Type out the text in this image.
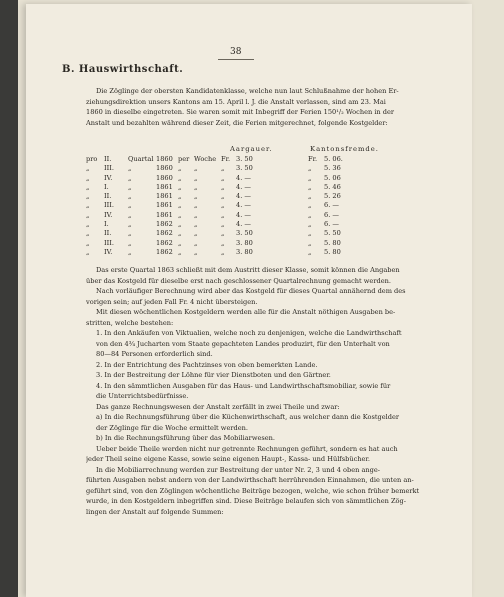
38
B. Hauswirthschaft.
Die Zöglinge der obersten Kandidatenklasse, welche nun laut Schlußnahme der hohen Er-
ziehungsdirektion unsers Kantons am 15. April l. J. die Anstalt verlassen, sind am 23. Mai
1860 in dieselbe eingetreten. Sie waren somit mit Inbegriff der Ferien 150¹/₂ Wochen in der
Anstalt und bezahlten während dieser Zeit, die Ferien mitgerechnet, folgende Kostgelder:
Aargauer.	Kantonsfremde.
pro II.	Quartal 1860 per Woche Fr. 3. 50	Fr. 5. 06.
„ III. „	1860 „ „	„ 3. 50	„ 5. 36
„ IV. „	1860 „ „	„ 4. —	„ 5. 06
„ I.	„	1861 „ „	„ 4. —	„ 5. 46
„ II.	„	1861 „ „	„ 4. —	„ 5. 26
„ III. „	1861 „ „	„ 4. —	„ 6. —
„ IV. „	1861 „ „	„ 4. —	„ 6. —
„ I.	„	1862 „ „	„ 4. —	„ 6. —
„ II.	„	1862 „ „	„ 3. 50	„ 5. 50
„ III. „	1862 „ „	„ 3. 80	„ 5. 80
„ IV. „	1862 „ „	„ 3. 80	„ 5. 80
Das erste Quartal 1863 schließt mit dem Austritt dieser Klasse, somit können die Angaben
über das Kostgeld für dieselbe erst nach geschlossener Quartalrechnung gemacht werden.
Nach vorläufiger Berechnung wird aber das Kostgeld für dieses Quartal annähernd dem des
vorigen sein; auf jeden Fall Fr. 4 nicht übersteigen.
Mit diesen wöchentlichen Kostgeldern werden alle für die Anstalt nöthigen Ausgaben be-
stritten, welche bestehen:
1. In den Ankäufen von Viktualien, welche noch zu denjenigen, welche die Landwirthschaft
von den 4¾ Jucharten vom Staate gepachteten Landes produzirt, für den Unterhalt von
80—84 Personen erforderlich sind.
2. In der Entrichtung des Pachtzinses von oben bemerkten Lande.
3. In der Bestreitung der Löhne für vier Dienstboten und den Gärtner.
4. In den sämmtlichen Ausgaben für das Haus- und Landwirthschaftsmobiliar, sowie für
die Unterrichtsbedürfnisse.
Das ganze Rechnungswesen der Anstalt zerfällt in zwei Theile und zwar:
a) In die Rechnungsführung über die Küchenwirthschaft, aus welcher dann die Kostgelder
der Zöglinge für die Woche ermittelt werden.
b) In die Rechnungsführung über das Mobiliarwesen.
Ueber beide Theile werden nicht nur getrennte Rechnungen geführt, sondern es hat auch
jeder Theil seine eigene Kasse, sowie seine eigenen Haupt-, Kassa- und Hülfsbücher.
In die Mobiliarrechnung werden zur Bestreitung der unter Nr. 2, 3 und 4 oben ange-
führten Ausgaben nebst andern von der Landwirthschaft herrührenden Einnahmen, die unten an-
geführt sind, von den Zöglingen wöchentliche Beiträge bezogen, welche, wie schon früher bemerkt
wurde, in den Kostgeldern inbegriffen sind. Diese Beiträge belaufen sich von sämmtlichen Zög-
lingen der Anstalt auf folgende Summen:
